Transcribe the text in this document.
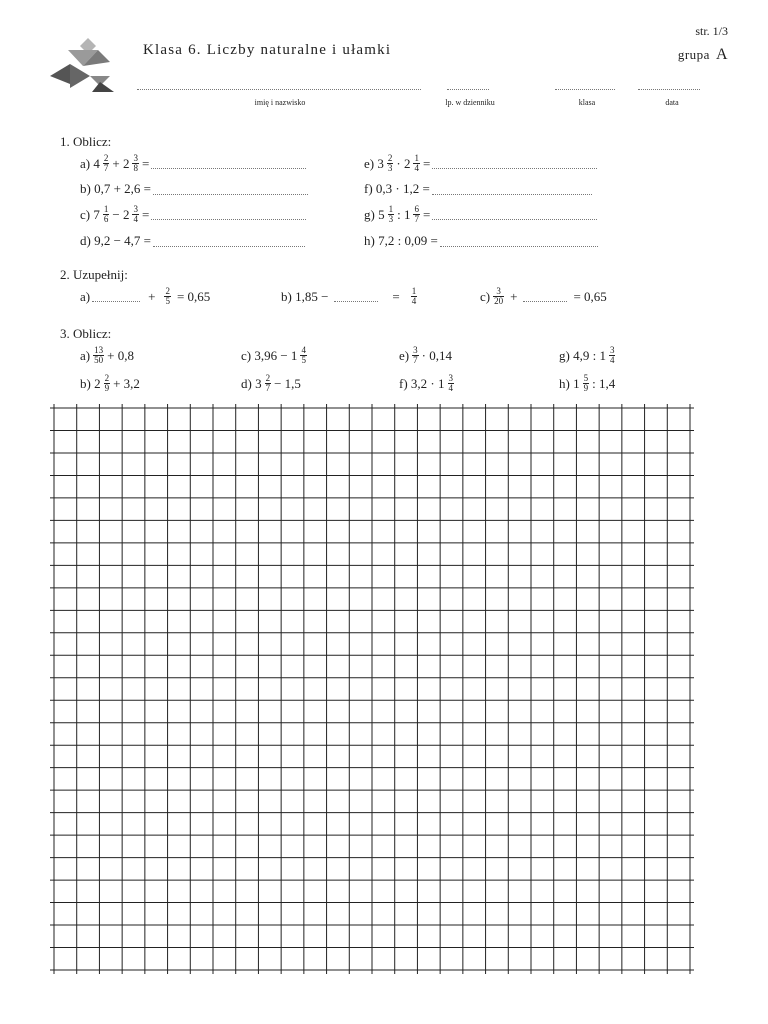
Klasa 6. Liczby naturalne i ułamki
str. 1/3
grupa A
imię i nazwisko	lp. w dzienniku	klasa	data
1. Oblicz:
a) $4 \frac{2}{7} + 2 \frac{3}{8}$ =	e) $3 \frac{2}{3} \cdot 2 \frac{1}{4}$ =
b) 0,7 + 2,6 =	f) 0,3 · 1,2 =
c) $7 \frac{1}{6} - 2 \frac{3}{4}$ =	g) $5 \frac{1}{3}$ : $1 \frac{6}{7}$ =
d) 9,2 − 4,7 =	h) 7,2 : 0,09 =
2. Uzupełnij:
a)	+ $\frac{2}{5} = 0,65$	b) 1,85 −	= $\frac{1}{4}$	$c) \frac{3}{20}$ +	= 0,65
3. Oblicz:
$a) \frac{13}{50} + 0,8$	c) $3,96 - 1 \frac{4}{5}$	$e) \frac{3}{7} \cdot 0,14$	g) 4,9 : $1 \frac{3}{4}$
b) $2 \frac{2}{9} + 3,2$	d) $3 \frac{2}{7} - 1,5$	f) $3,2 \cdot 1 \frac{3}{4}$	h) $1 \frac{5}{9}$ : 1,4
